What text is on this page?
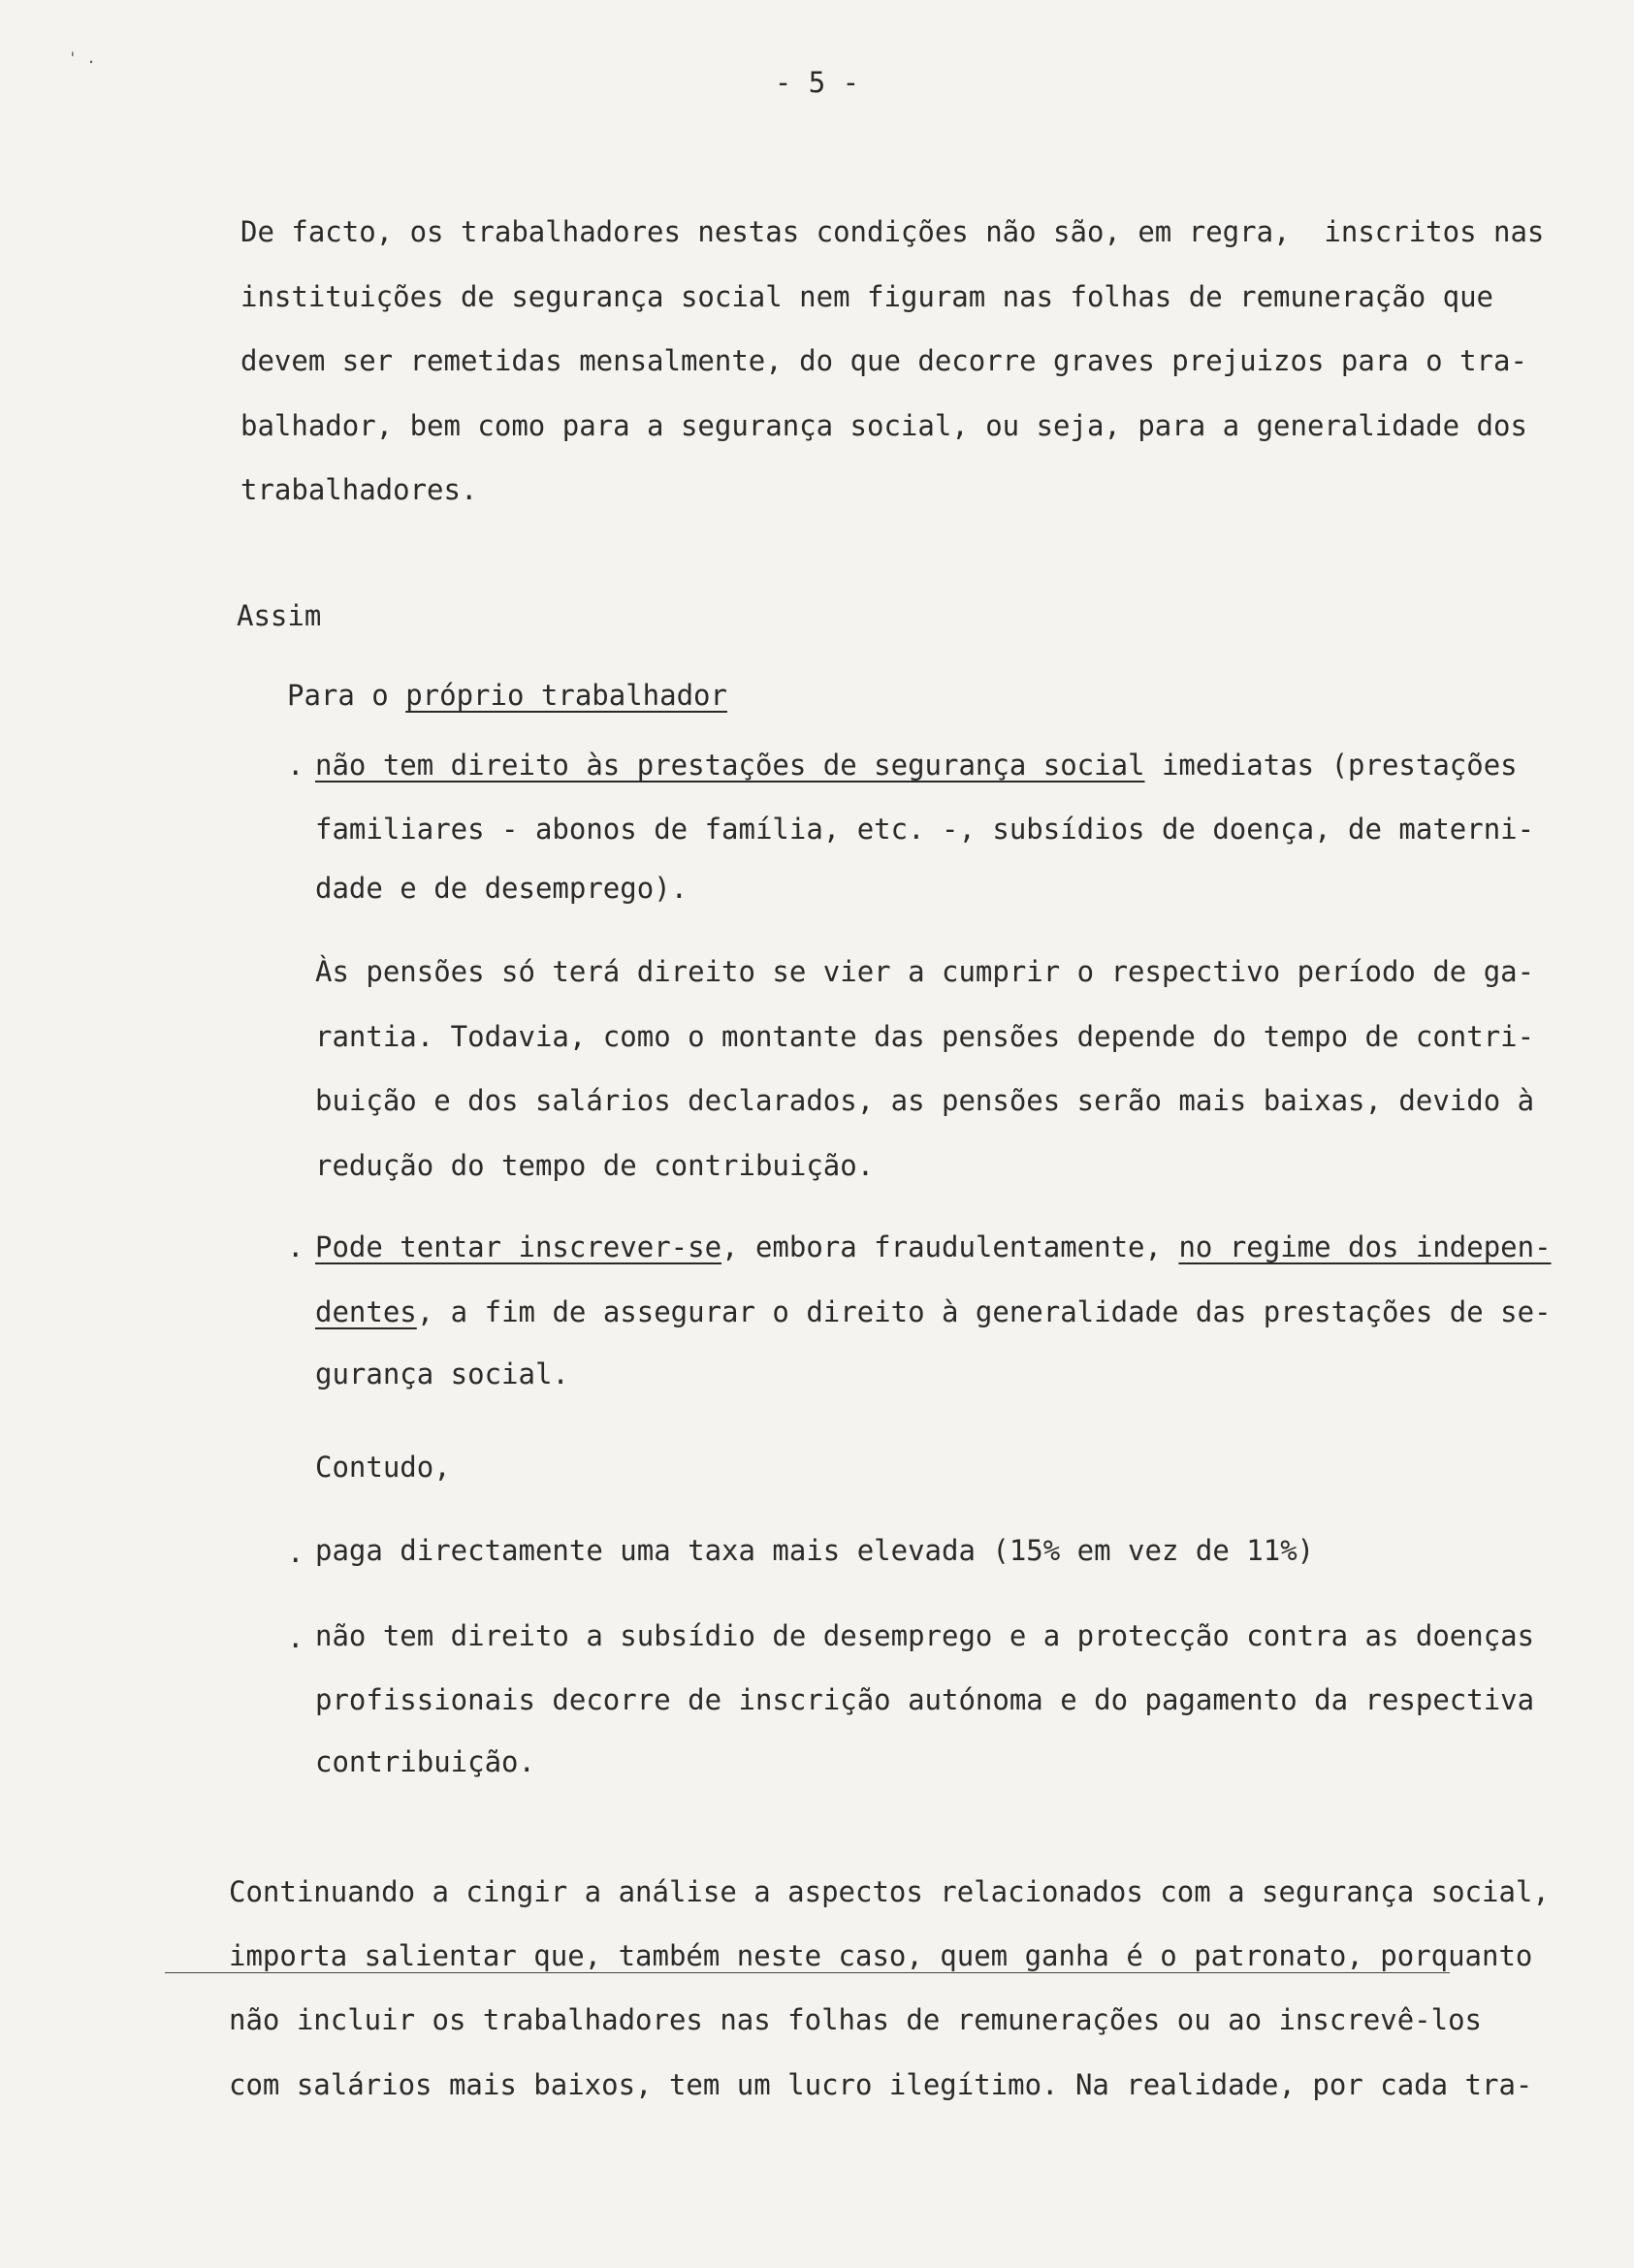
' .
- 5 -
De facto, os trabalhadores nestas condições não são, em regra,  inscritos nas
instituições de segurança social nem figuram nas folhas de remuneração que
devem ser remetidas mensalmente, do que decorre graves prejuizos para o tra-
balhador, bem como para a segurança social, ou seja, para a generalidade dos
trabalhadores.
Assim
Para o próprio trabalhador
. não tem direito às prestações de segurança social imediatas (prestações
familiares - abonos de família, etc. -, subsídios de doença, de materni-
dade e de desemprego).
Às pensões só terá direito se vier a cumprir o respectivo período de ga-
rantia. Todavia, como o montante das pensões depende do tempo de contri-
buição e dos salários declarados, as pensões serão mais baixas, devido à
redução do tempo de contribuição.
. Pode tentar inscrever-se, embora fraudulentamente, no regime dos indepen-
dentes, a fim de assegurar o direito à generalidade das prestações de se-
gurança social.
Contudo,
. paga directamente uma taxa mais elevada (15% em vez de 11%)
. não tem direito a subsídio de desemprego e a protecção contra as doenças
profissionais decorre de inscrição autónoma e do pagamento da respectiva
contribuição.
Continuando a cingir a análise a aspectos relacionados com a segurança social,
importa salientar que, também neste caso, quem ganha é o patronato, porquanto
não incluir os trabalhadores nas folhas de remunerações ou ao inscrevê-los
com salários mais baixos, tem um lucro ilegítimo. Na realidade, por cada tra-
